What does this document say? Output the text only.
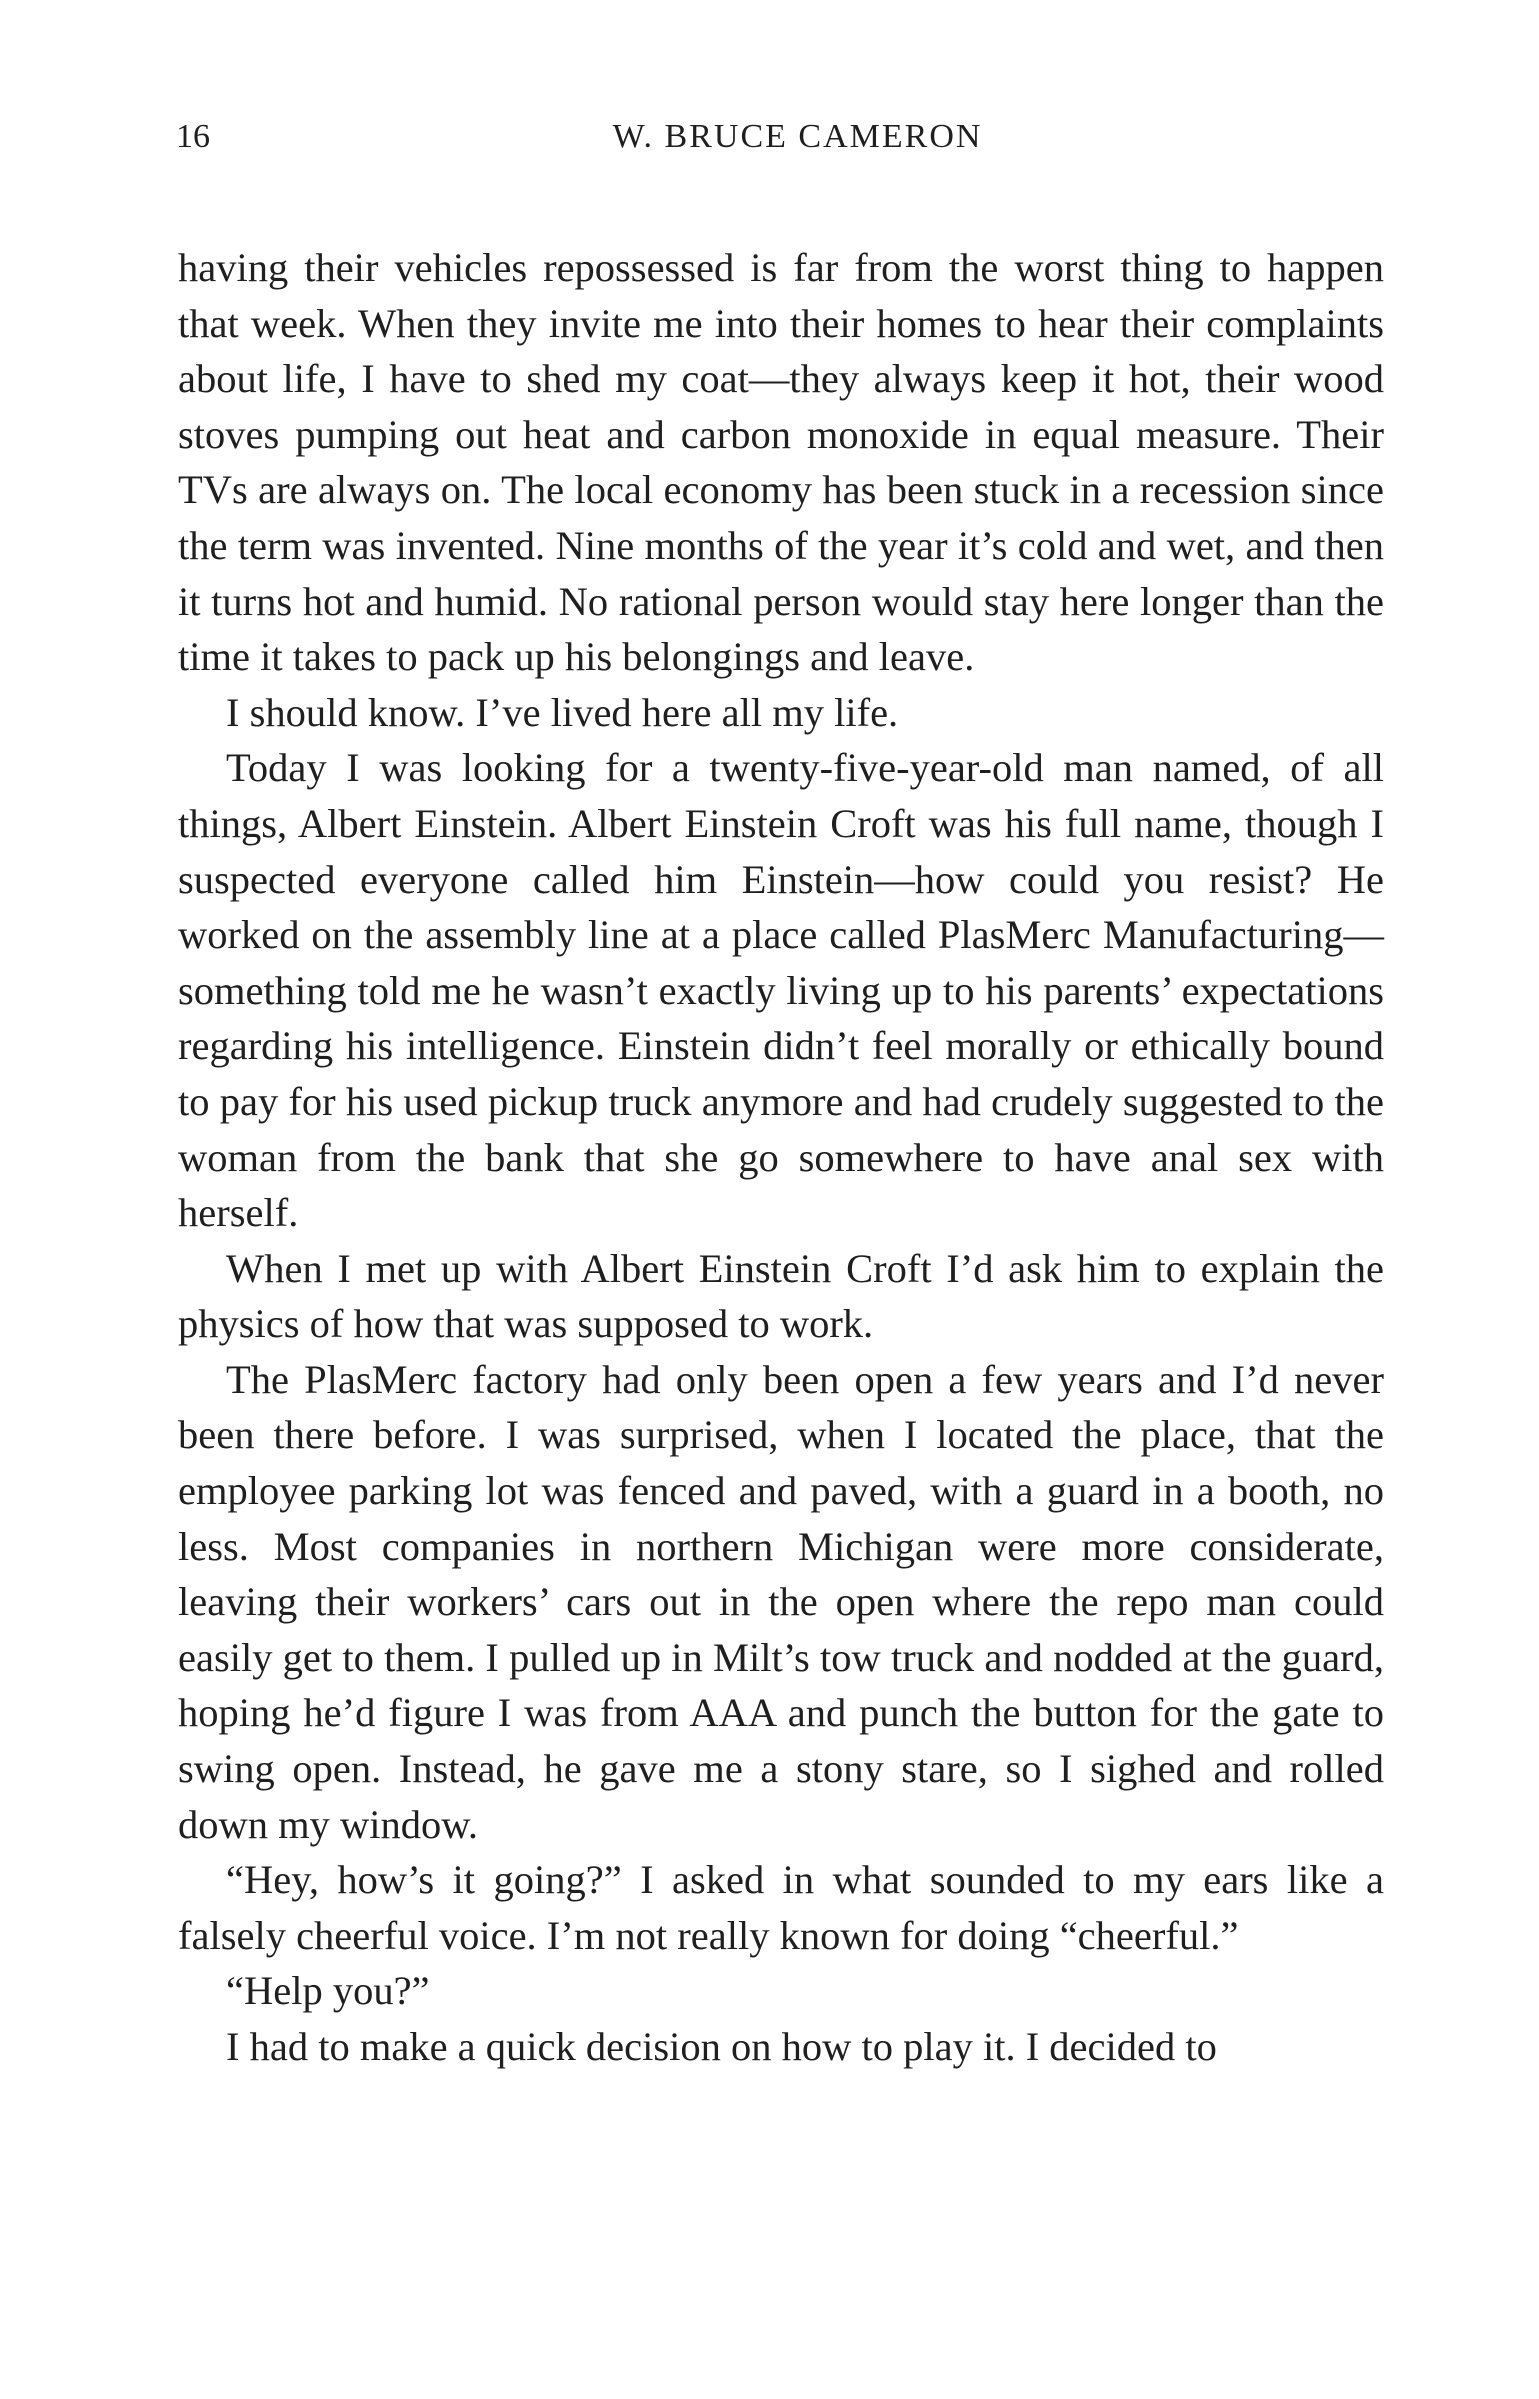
16	W. BRUCE CAMERON

having their vehicles repossessed is far from the worst thing to happen that week. When they invite me into their homes to hear their complaints about life, I have to shed my coat—they always keep it hot, their wood stoves pumping out heat and carbon monoxide in equal measure. Their TVs are always on. The local economy has been stuck in a recession since the term was invented. Nine months of the year it’s cold and wet, and then it turns hot and humid. No rational person would stay here longer than the time it takes to pack up his belongings and leave.

I should know. I’ve lived here all my life.

Today I was looking for a twenty-five-year-old man named, of all things, Albert Einstein. Albert Einstein Croft was his full name, though I suspected everyone called him Einstein—how could you resist? He worked on the assembly line at a place called PlasMerc Manufacturing—something told me he wasn’t exactly living up to his parents’ expectations regarding his intelligence. Einstein didn’t feel morally or ethically bound to pay for his used pickup truck anymore and had crudely suggested to the woman from the bank that she go somewhere to have anal sex with herself.

When I met up with Albert Einstein Croft I’d ask him to explain the physics of how that was supposed to work.

The PlasMerc factory had only been open a few years and I’d never been there before. I was surprised, when I located the place, that the employee parking lot was fenced and paved, with a guard in a booth, no less. Most companies in northern Michigan were more considerate, leaving their workers’ cars out in the open where the repo man could easily get to them. I pulled up in Milt’s tow truck and nodded at the guard, hoping he’d figure I was from AAA and punch the button for the gate to swing open. Instead, he gave me a stony stare, so I sighed and rolled down my window.

“Hey, how’s it going?” I asked in what sounded to my ears like a falsely cheerful voice. I’m not really known for doing “cheerful.”

“Help you?”

I had to make a quick decision on how to play it. I decided to
